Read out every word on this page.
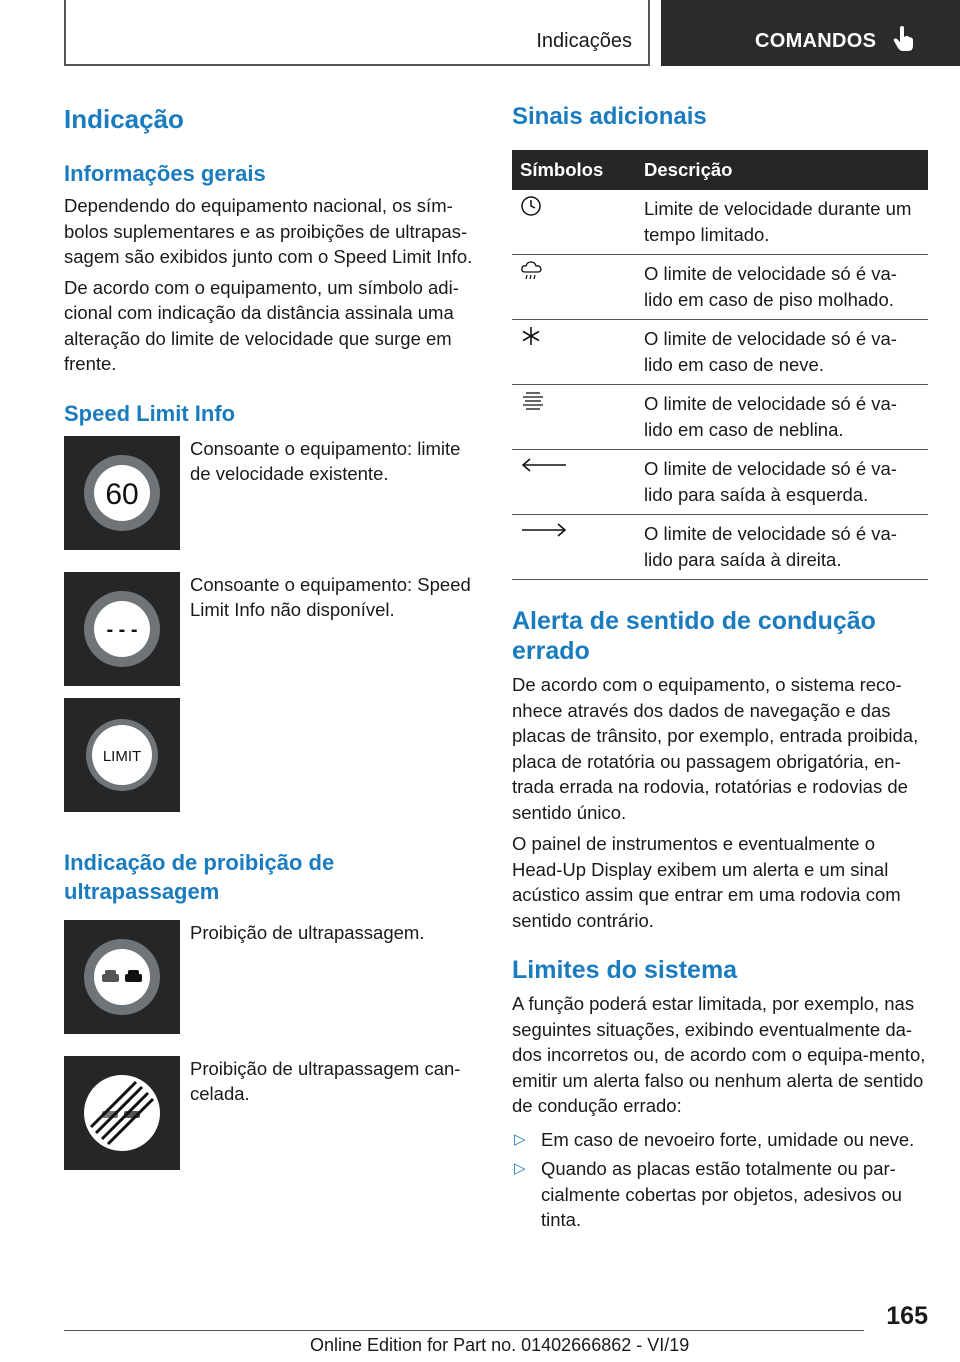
Indicações	COMANDOS
Indicação
Informações gerais

Dependendo do equipamento nacional, os sím-bolos suplementares e as proibições de ultrapas-sagem são exibidos junto com o Speed Limit Info.

De acordo com o equipamento, um símbolo adi-cional com indicação da distância assinala uma alteração do limite de velocidade que surge em frente.

Speed Limit Info
60
Consoante o equipamento: limite de velocidade existente.
- - -
Consoante o equipamento: Speed Limit Info não disponível.
LIMIT
Indicação de proibição de ultrapassagem
Proibição de ultrapassagem.
Proibição de ultrapassagem can-celada.
Sinais adicionais
Símbolos	Descrição
	Limite de velocidade durante um tempo limitado.
	O limite de velocidade só é va-lido em caso de piso molhado.
	O limite de velocidade só é va-lido em caso de neve.
	O limite de velocidade só é va-lido em caso de neblina.
	O limite de velocidade só é va-lido para saída à esquerda.
	O limite de velocidade só é va-lido para saída à direita.
Alerta de sentido de condução errado

De acordo com o equipamento, o sistema reco-nhece através dos dados de navegação e das placas de trânsito, por exemplo, entrada proibida, placa de rotatória ou passagem obrigatória, en-trada errada na rodovia, rotatórias e rodovias de sentido único.

O painel de instrumentos e eventualmente o Head-Up Display exibem um alerta e um sinal acústico assim que entrar em uma rodovia com sentido contrário.

Limites do sistema

A função poderá estar limitada, por exemplo, nas seguintes situações, exibindo eventualmente da-dos incorretos ou, de acordo com o equipa-mento, emitir um alerta falso ou nenhum alerta de sentido de condução errado:

▷ Em caso de nevoeiro forte, umidade ou neve.
▷ Quando as placas estão totalmente ou par-cialmente cobertas por objetos, adesivos ou tinta.
165
Online Edition for Part no. 01402666862 - VI/19
